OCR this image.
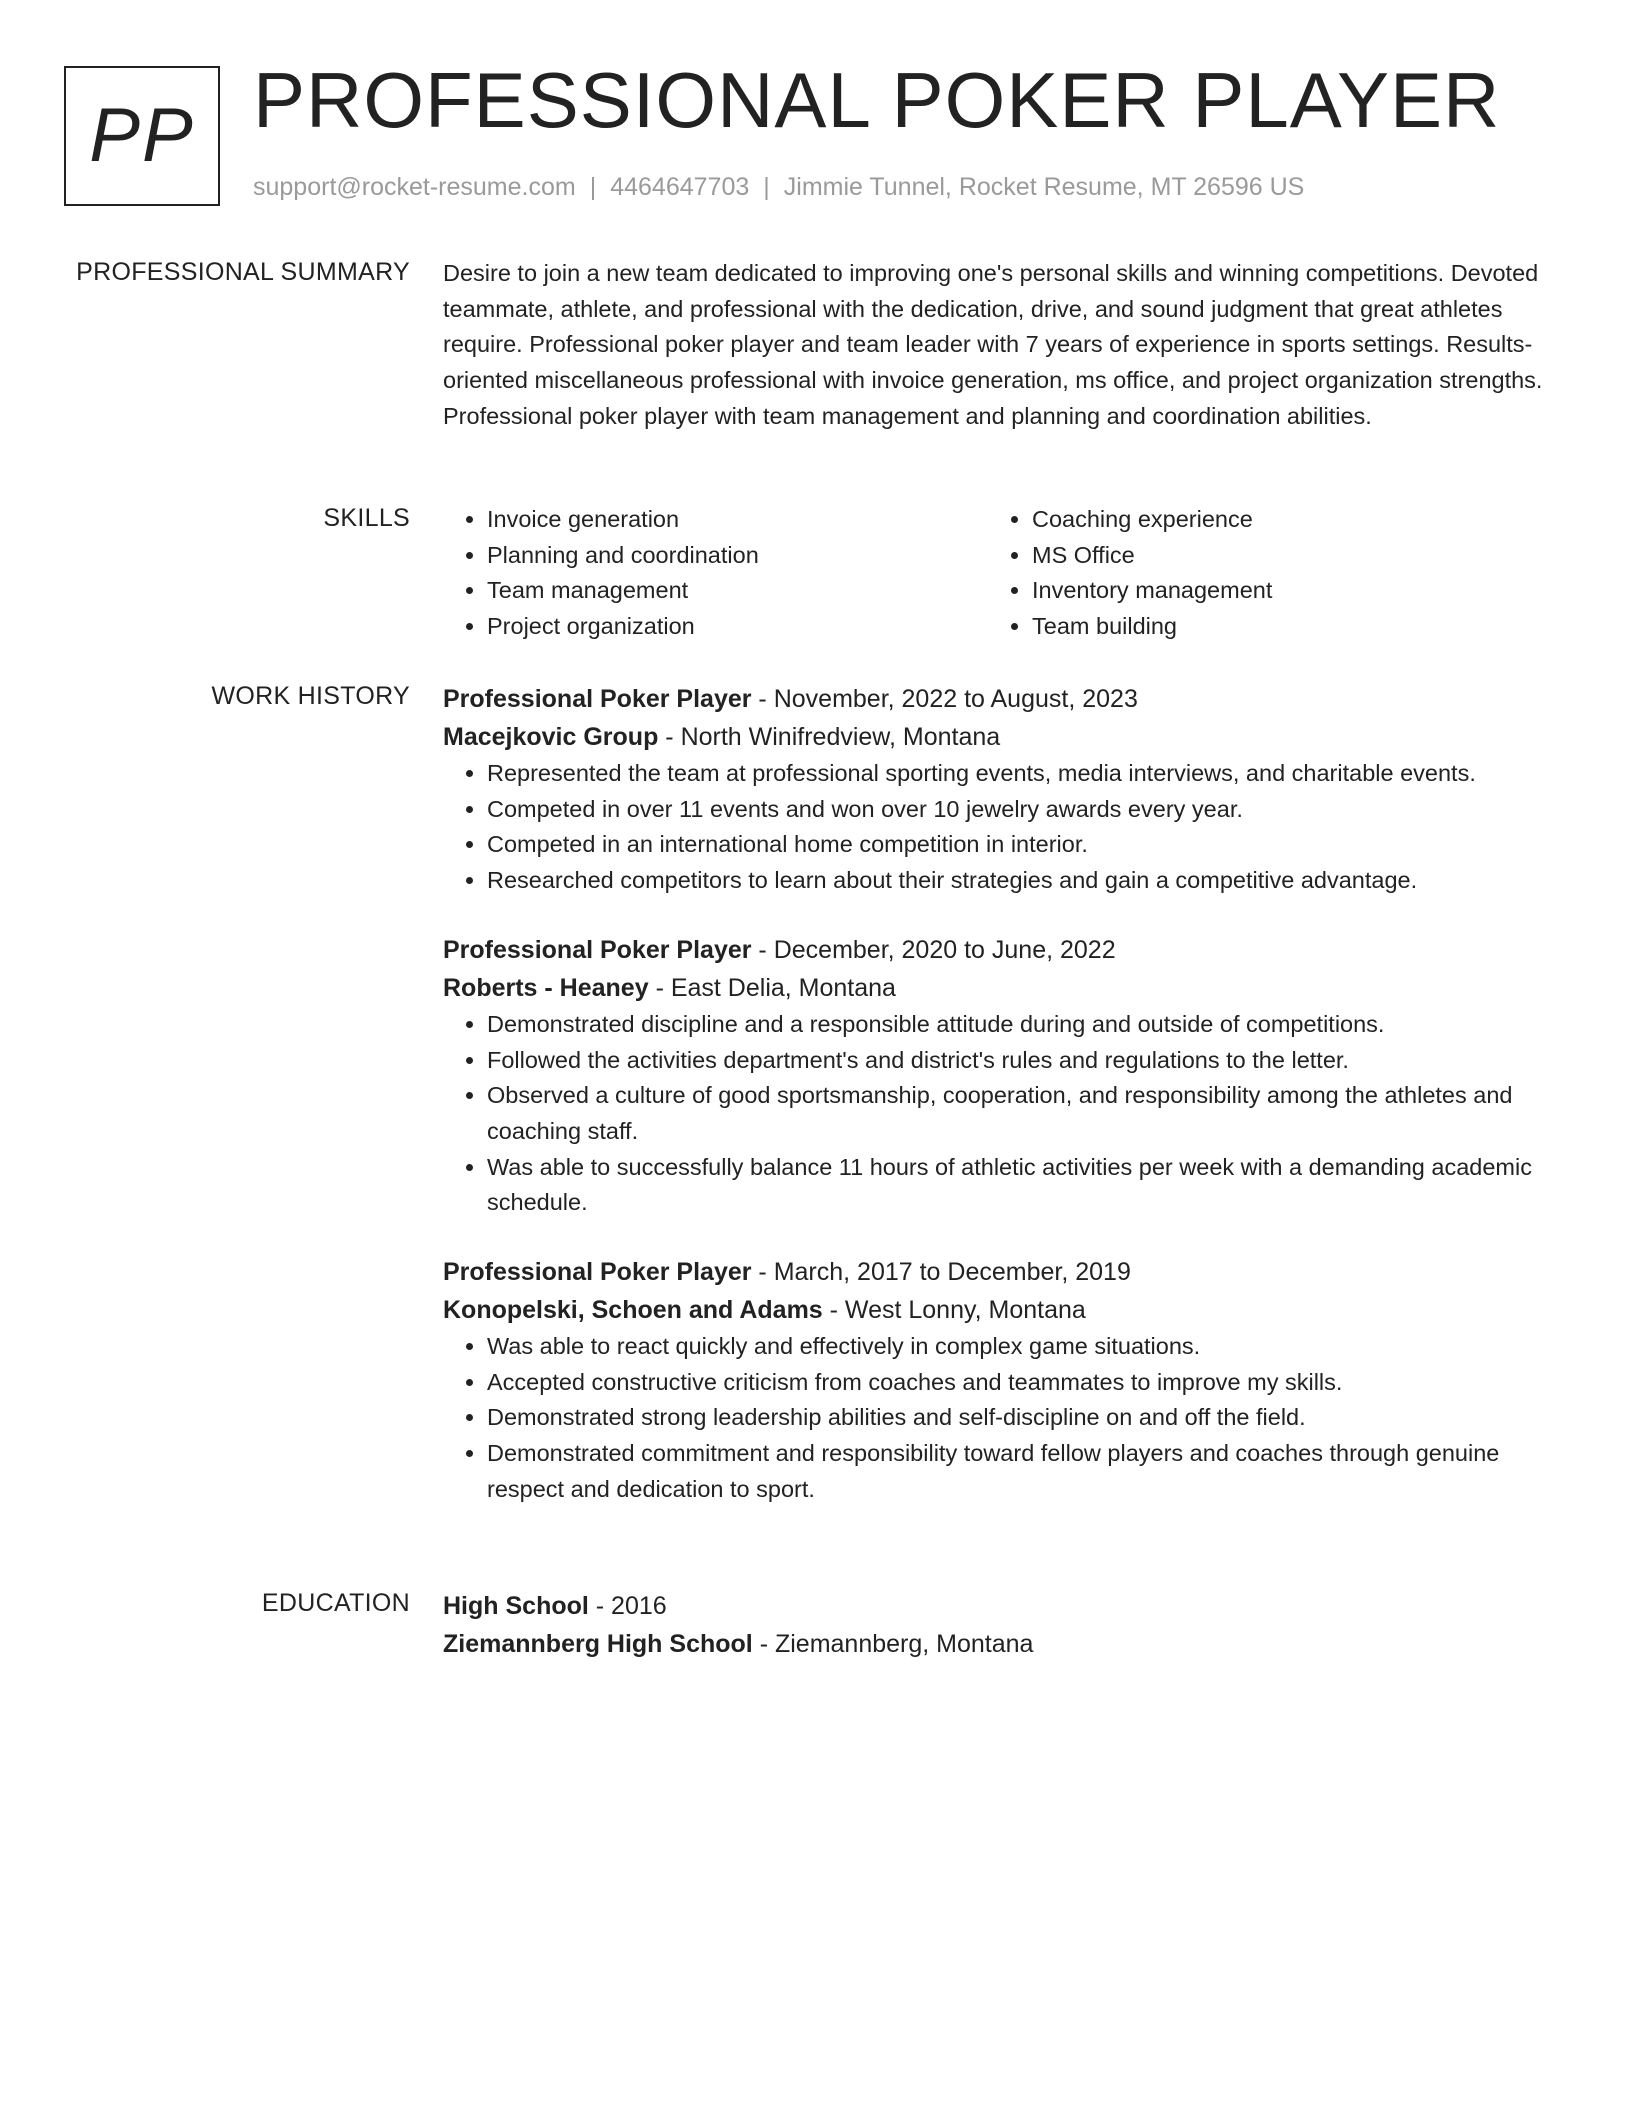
PP PROFESSIONAL POKER PLAYER
support@rocket-resume.com | 4464647703 | Jimmie Tunnel, Rocket Resume, MT 26596 US
PROFESSIONAL SUMMARY Desire to join a new team dedicated to improving one's personal skills and winning competitions. Devoted teammate, athlete, and professional with the dedication, drive, and sound judgment that great athletes require. Professional poker player and team leader with 7 years of experience in sports settings. Results-oriented miscellaneous professional with invoice generation, ms office, and project organization strengths. Professional poker player with team management and planning and coordination abilities.

SKILLS
•	Invoice generation
• Planning and coordination
• Team management
• Project organization
• Coaching experience
• MS Office
• Inventory management
• Team building
WORK HISTORY Professional Poker Player - November, 2022 to August, 2023
Macejkovic Group - North Winifredview, Montana
• Represented the team at professional sporting events, media interviews, and charitable events.
• Competed in over 11 events and won over 10 jewelry awards every year.
• Competed in an international home competition in interior.
• Researched competitors to learn about their strategies and gain a competitive advantage.
Professional Poker Player - December, 2020 to June, 2022
Roberts - Heaney - East Delia, Montana
• Demonstrated discipline and a responsible attitude during and outside of competitions.
• Followed the activities department's and district's rules and regulations to the letter.
• Observed a culture of good sportsmanship, cooperation, and responsibility among the athletes and coaching staff.
• Was able to successfully balance 11 hours of athletic activities per week with a demanding academic schedule.
Professional Poker Player - March, 2017 to December, 2019
Konopelski, Schoen and Adams - West Lonny, Montana
• Was able to react quickly and effectively in complex game situations.
• Accepted constructive criticism from coaches and teammates to improve my skills.
• Demonstrated strong leadership abilities and self-discipline on and off the field.
• Demonstrated commitment and responsibility toward fellow players and coaches through genuine respect and dedication to sport.
EDUCATION High School - 2016
Ziemannberg High School - Ziemannberg, Montana
